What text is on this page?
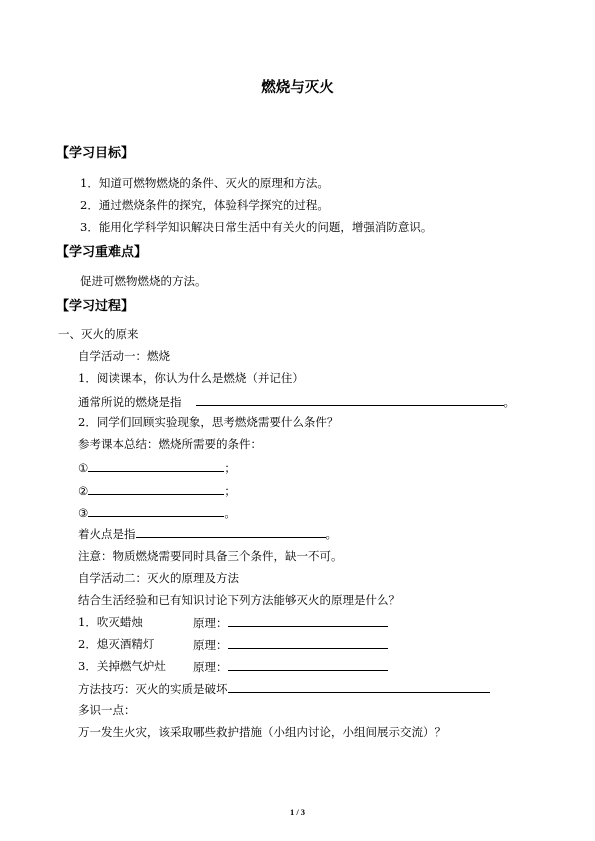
燃烧与灭火
【学习目标】
1．知道可燃物燃烧的条件、灭火的原理和方法。
2．通过燃烧条件的探究，体验科学探究的过程。
3．能用化学科学知识解决日常生活中有关火的问题，增强消防意识。
【学习重难点】
促进可燃物燃烧的方法。
【学习过程】
一、灭火的原来
自学活动一：燃烧
1．阅读课本，你认为什么是燃烧（并记住）
通常所说的燃烧是指	。
2．同学们回顾实验现象，思考燃烧需要什么条件？
参考课本总结：燃烧所需要的条件：
①	；
②	；
③	。
着火点是指	。
注意：物质燃烧需要同时具备三个条件，缺一不可。
自学活动二：灭火的原理及方法
结合生活经验和已有知识讨论下列方法能够灭火的原理是什么？
1．吹灭蜡烛	原理：
2．熄灭酒精灯	原理：
3．关掉燃气炉灶 原理：
方法技巧：灭火的实质是破坏
多识一点：
万一发生火灾，该采取哪些救护措施（小组内讨论，小组间展示交流）？
1 / 3
